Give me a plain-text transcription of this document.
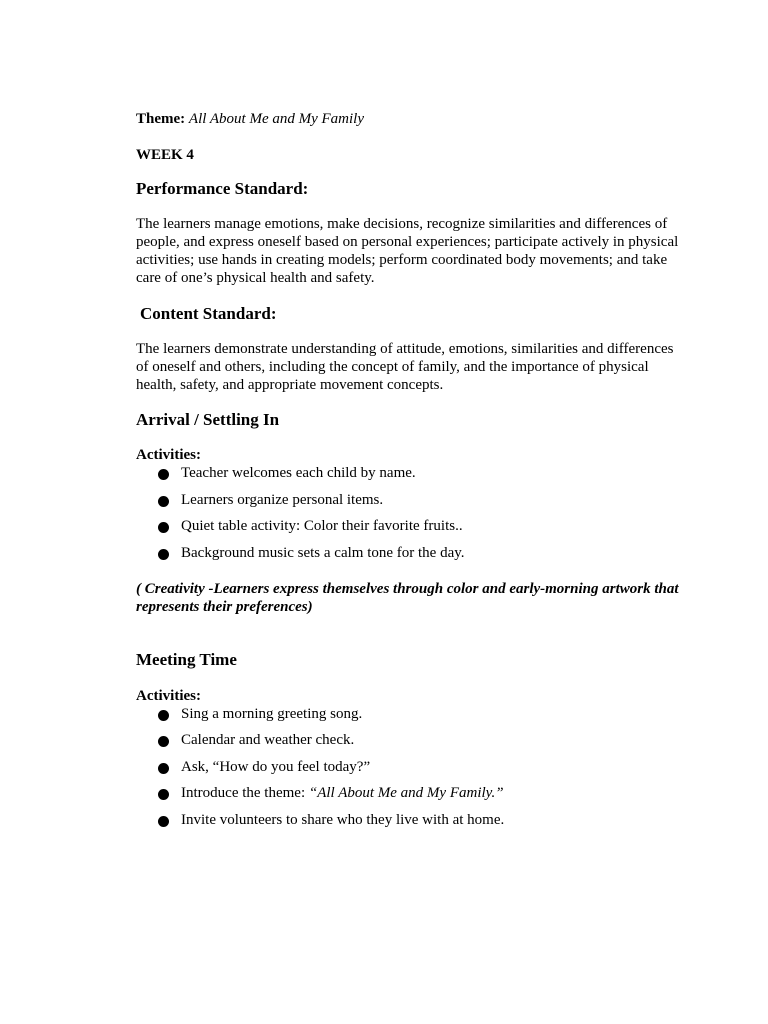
Theme: All About Me and My Family

WEEK 4

Performance Standard:

The learners manage emotions, make decisions, recognize similarities and differences of people, and express oneself based on personal experiences; participate actively in physical activities; use hands in creating models; perform coordinated body movements; and take care of one’s physical health and safety.

Content Standard:

The learners demonstrate understanding of attitude, emotions, similarities and differences of oneself and others, including the concept of family, and the importance of physical health, safety, and appropriate movement concepts.

Arrival / Settling In

Activities:

Teacher welcomes each child by name.
Learners organize personal items.
Quiet table activity: Color their favorite fruits..
Background music sets a calm tone for the day.

( Creativity -Learners express themselves through color and early-morning artwork that represents their preferences)

Meeting Time

Activities:

Sing a morning greeting song.
Calendar and weather check.
Ask, “How do you feel today?”
Introduce the theme: “All About Me and My Family.”
Invite volunteers to share who they live with at home.
